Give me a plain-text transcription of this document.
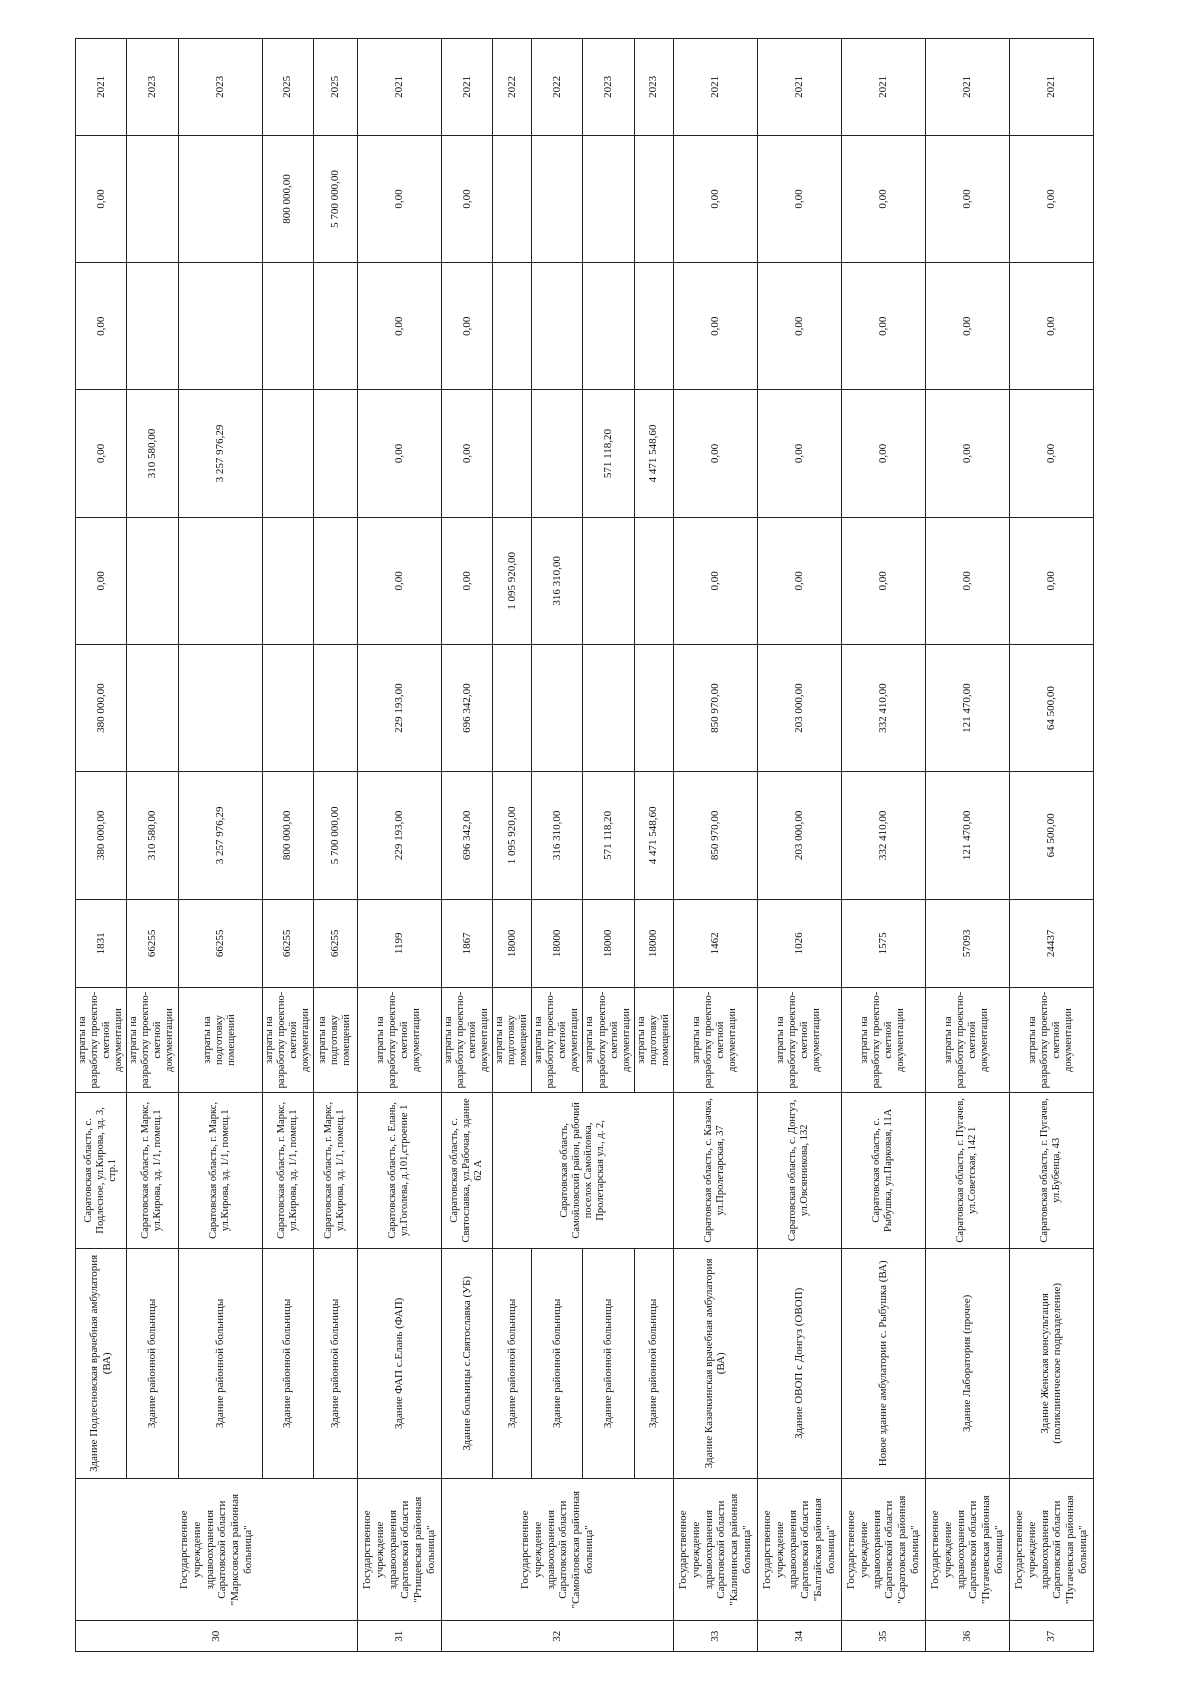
30	Государственное учреждение здравоохранения Саратовской области "Марксовская районная больница"	Здание Подлесновская врачебная амбулатория (ВА)	Саратовская область, с. Подлесное, ул.Кирова, зд. 3, стр.1	затраты на разработку проектно-сметной документации	1831	380 000,00	380 000,00	0,00	0,00	0,00	0,00	2021
		Здание районной больницы	Саратовская область, г. Маркс, ул.Кирова, зд. 1/1, помещ.1	затраты на разработку проектно-сметной документации	66255	310 580,00			310 580,00			2023
		Здание районной больницы	Саратовская область, г. Маркс, ул.Кирова, зд. 1/1, помещ.1	затраты на подготовку помещений	66255	3 257 976,29			3 257 976,29			2023
		Здание районной больницы	Саратовская область, г. Маркс, ул.Кирова, зд. 1/1, помещ.1	затраты на разработку проектно-сметной документации	66255	800 000,00					800 000,00	2025
		Здание районной больницы	Саратовская область, г. Маркс, ул.Кирова, зд. 1/1, помещ.1	затраты на подготовку помещений	66255	5 700 000,00					5 700 000,00	2025
31	Государственное учреждение здравоохранения Саратовской области "Ртищевская районная больница"	Здание ФАП с.Елань (ФАП)	Саратовская область, с. Елань, ул.Гоголева, д.101,строение 1	затраты на разработку проектно-сметной документации	1199	229 193,00	229 193,00	0,00	0,00	0,00	0,00	2021
32	Государственное учреждение здравоохранения Саратовской области "Самойловская районная больница"	Здание больницы с.Святославка (УБ)	Саратовская область, с. Святославка, ул.Рабочая, здание 62 А	затраты на разработку проектно-сметной документации	1867	696 342,00	696 342,00	0,00	0,00	0,00	0,00	2021
		Здание районной больницы	Саратовская область, Самойловский район, рабочий поселок Самойловка, Пролетарская ул., д. 2,	затраты на подготовку помещений	18000	1 095 920,00		1 095 920,00				2022
		Здание районной больницы		затраты на разработку проектно-сметной документации	18000	316 310,00		316 310,00				2022
		Здание районной больницы		затраты на разработку проектно-сметной документации	18000	571 118,20			571 118,20			2023
		Здание районной больницы		затраты на подготовку помещений	18000	4 471 548,60			4 471 548,60			2023
33	Государственное учреждение здравоохранения Саратовской области "Калининская районная больница"	Здание Казачкинская врачебная амбулатория (ВА)	Саратовская область, с. Казачка, ул.Пролетарская, 37	затраты на разработку проектно-сметной документации	1462	850 970,00	850 970,00	0,00	0,00	0,00	0,00	2021
34	Государственное учреждение здравоохранения Саратовской области "Балтайская районная больница"	Здание ОВОП с Донгуз (ОВОП)	Саратовская область, с. Донгуз, ул.Овсянникова, 132	затраты на разработку проектно-сметной документации	1026	203 000,00	203 000,00	0,00	0,00	0,00	0,00	2021
35	Государственное учреждение здравоохранения Саратовской области "Саратовская районная больница"	Новое здание амбулатории с. Рыбушка (ВА)	Саратовская область, с. Рыбушка, ул.Парковая, 11А	затраты на разработку проектно-сметной документации	1575	332 410,00	332 410,00	0,00	0,00	0,00	0,00	2021
36	Государственное учреждение здравоохранения Саратовской области "Пугачевская районная больница"	Здание Лаборатория (прочее)	Саратовская область, г. Пугачев, ул.Советская, 142 1	затраты на разработку проектно-сметной документации	57093	121 470,00	121 470,00	0,00	0,00	0,00	0,00	2021
37	Государственное учреждение здравоохранения Саратовской области "Пугачевская районная больница"	Здание Женская консультация (поликлиническое подразделение)	Саратовская область, г. Пугачев, ул.Бубенца, 43	затраты на разработку проектно-сметной документации	24437	64 500,00	64 500,00	0,00	0,00	0,00	0,00	2021
